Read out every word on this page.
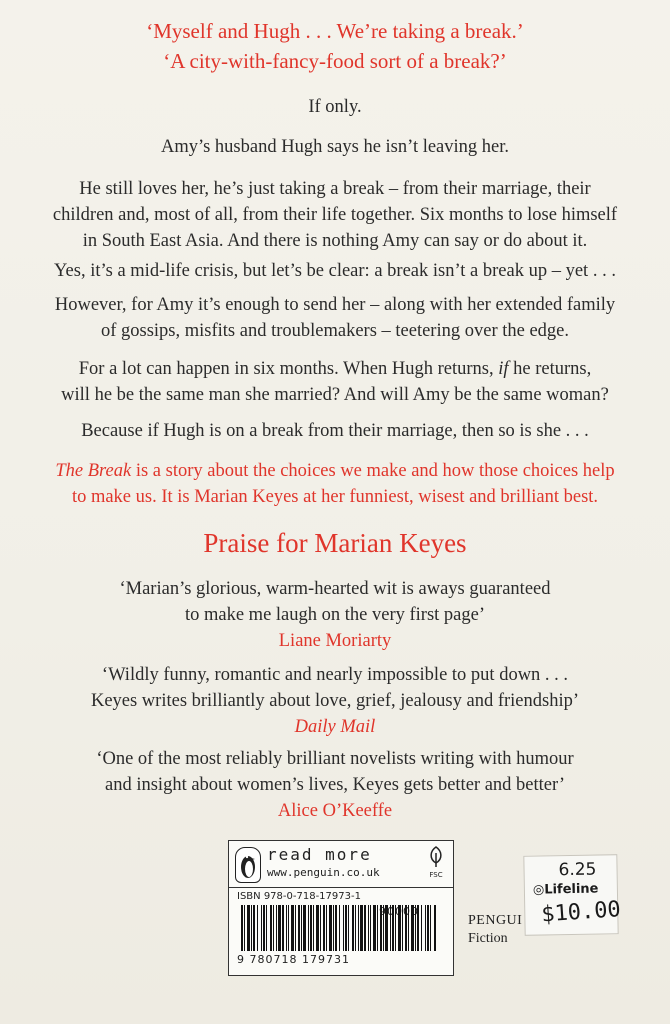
‘Myself and Hugh . . . We’re taking a break.’
‘A city-with-fancy-food sort of a break?’
If only.
Amy’s husband Hugh says he isn’t leaving her.
He still loves her, he’s just taking a break – from their marriage, their
children and, most of all, from their life together. Six months to lose himself
in South East Asia. And there is nothing Amy can say or do about it.
Yes, it’s a mid-life crisis, but let’s be clear: a break isn’t a break up – yet . . .
However, for Amy it’s enough to send her – along with her extended family
of gossips, misfits and troublemakers – teetering over the edge.
For a lot can happen in six months. When Hugh returns, if he returns,
will he be the same man she married? And will Amy be the same woman?
Because if Hugh is on a break from their marriage, then so is she . . .
The Break is a story about the choices we make and how those choices help
to make us. It is Marian Keyes at her funniest, wisest and brilliant best.
Praise for Marian Keyes
‘Marian’s glorious, warm-hearted wit is aways guaranteed
to make me laugh on the very first page’
Liane Moriarty
‘Wildly funny, romantic and nearly impossible to put down . . .
Keyes writes brilliantly about love, grief, jealousy and friendship’
Daily Mail
‘One of the most reliably brilliant novelists writing with humour
and insight about women’s lives, Keyes gets better and better’
Alice O’Keeffe
read more
www.penguin.co.uk	FSC
ISBN 978-0-718-17973-1
9 780718 179731
PENGUI
Fiction
6.25
◎Lifeline
$10.00
